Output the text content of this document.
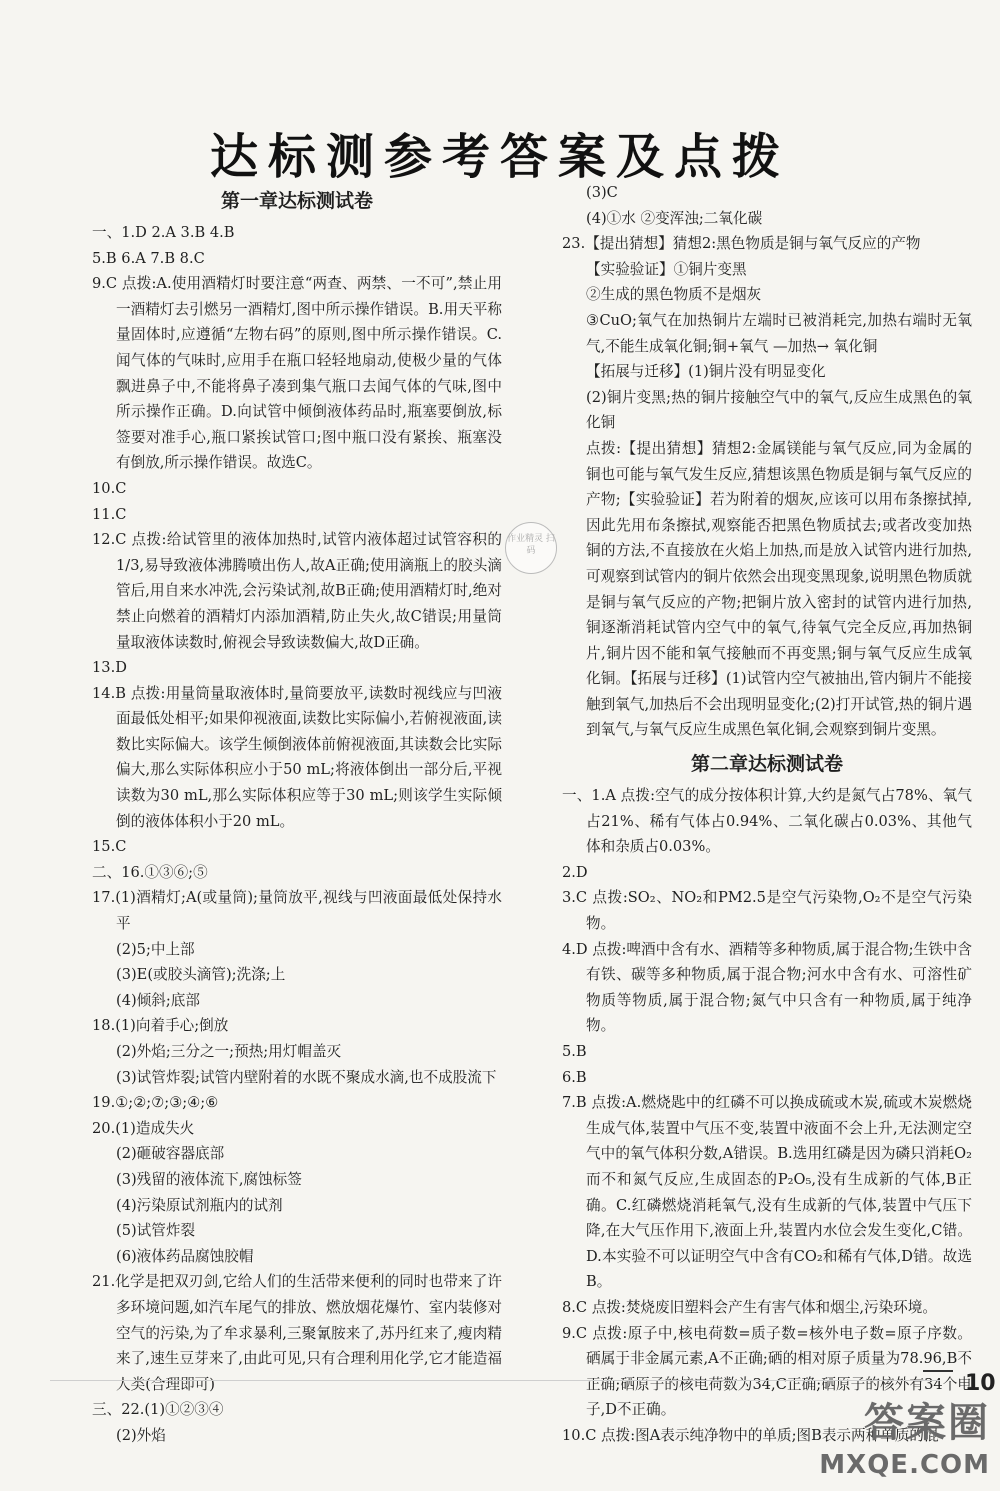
达标测参考答案及点拨
第一章达标测试卷
一、1.D 2.A 3.B 4.B
5.B 6.A 7.B 8.C
9.C 点拨:A.使用酒精灯时要注意“两查、两禁、一不可”,禁止用一酒精灯去引燃另一酒精灯,图中所示操作错误。B.用天平称量固体时,应遵循“左物右码”的原则,图中所示操作错误。C.闻气体的气味时,应用手在瓶口轻轻地扇动,使极少量的气体飘进鼻子中,不能将鼻子凑到集气瓶口去闻气体的气味,图中所示操作正确。D.向试管中倾倒液体药品时,瓶塞要倒放,标签要对准手心,瓶口紧挨试管口;图中瓶口没有紧挨、瓶塞没有倒放,所示操作错误。故选C。
10.C
11.C
12.C 点拨:给试管里的液体加热时,试管内液体超过试管容积的1/3,易导致液体沸腾喷出伤人,故A正确;使用滴瓶上的胶头滴管后,用自来水冲洗,会污染试剂,故B正确;使用酒精灯时,绝对禁止向燃着的酒精灯内添加酒精,防止失火,故C错误;用量筒量取液体读数时,俯视会导致读数偏大,故D正确。
13.D
14.B 点拨:用量筒量取液体时,量筒要放平,读数时视线应与凹液面最低处相平;如果仰视液面,读数比实际偏小,若俯视液面,读数比实际偏大。该学生倾倒液体前俯视液面,其读数会比实际偏大,那么实际体积应小于50 mL;将液体倒出一部分后,平视读数为30 mL,那么实际体积应等于30 mL;则该学生实际倾倒的液体体积小于20 mL。
15.C
二、16.①③⑥;⑤
17.(1)酒精灯;A(或量筒);量筒放平,视线与凹液面最低处保持水平
(2)5;中上部
(3)E(或胶头滴管);洗涤;上
(4)倾斜;底部
18.(1)向着手心;倒放
(2)外焰;三分之一;预热;用灯帽盖灭
(3)试管炸裂;试管内壁附着的水既不聚成水滴,也不成股流下
19.①;②;⑦;③;④;⑥
20.(1)造成失火
(2)砸破容器底部
(3)残留的液体流下,腐蚀标签
(4)污染原试剂瓶内的试剂
(5)试管炸裂
(6)液体药品腐蚀胶帽
21.化学是把双刃剑,它给人们的生活带来便利的同时也带来了许多环境问题,如汽车尾气的排放、燃放烟花爆竹、室内装修对空气的污染,为了牟求暴利,三聚氰胺来了,苏丹红来了,瘦肉精来了,速生豆芽来了,由此可见,只有合理利用化学,它才能造福人类(合理即可)
三、22.(1)①②③④
(2)外焰
(3)C
(4)①水 ②变浑浊;二氧化碳
23.【提出猜想】猜想2:黑色物质是铜与氧气反应的产物
【实验验证】①铜片变黑
②生成的黑色物质不是烟灰
③CuO;氧气在加热铜片左端时已被消耗完,加热右端时无氧气,不能生成氧化铜;铜+氧气 —加热→ 氧化铜
【拓展与迁移】(1)铜片没有明显变化
(2)铜片变黑;热的铜片接触空气中的氧气,反应生成黑色的氧化铜
点拨:【提出猜想】猜想2:金属镁能与氧气反应,同为金属的铜也可能与氧气发生反应,猜想该黑色物质是铜与氧气反应的产物;【实验验证】若为附着的烟灰,应该可以用布条擦拭掉,因此先用布条擦拭,观察能否把黑色物质拭去;或者改变加热铜的方法,不直接放在火焰上加热,而是放入试管内进行加热,可观察到试管内的铜片依然会出现变黑现象,说明黑色物质就是铜与氧气反应的产物;把铜片放入密封的试管内进行加热,铜逐渐消耗试管内空气中的氧气,待氧气完全反应,再加热铜片,铜片因不能和氧气接触而不再变黑;铜与氧气反应生成氧化铜。【拓展与迁移】(1)试管内空气被抽出,管内铜片不能接触到氧气,加热后不会出现明显变化;(2)打开试管,热的铜片遇到氧气,与氧气反应生成黑色氧化铜,会观察到铜片变黑。
第二章达标测试卷
一、1.A 点拨:空气的成分按体积计算,大约是氮气占78%、氧气占21%、稀有气体占0.94%、二氧化碳占0.03%、其他气体和杂质占0.03%。
2.D
3.C 点拨:SO₂、NO₂和PM2.5是空气污染物,O₂不是空气污染物。
4.D 点拨:啤酒中含有水、酒精等多种物质,属于混合物;生铁中含有铁、碳等多种物质,属于混合物;河水中含有水、可溶性矿物质等物质,属于混合物;氮气中只含有一种物质,属于纯净物。
5.B
6.B
7.B 点拨:A.燃烧匙中的红磷不可以换成硫或木炭,硫或木炭燃烧生成气体,装置中气压不变,装置中液面不会上升,无法测定空气中的氧气体积分数,A错误。B.选用红磷是因为磷只消耗O₂而不和氮气反应,生成固态的P₂O₅,没有生成新的气体,B正确。C.红磷燃烧消耗氧气,没有生成新的气体,装置中气压下降,在大气压作用下,液面上升,装置内水位会发生变化,C错。D.本实验不可以证明空气中含有CO₂和稀有气体,D错。故选B。
8.C 点拨:焚烧废旧塑料会产生有害气体和烟尘,污染环境。
9.C 点拨:原子中,核电荷数=质子数=核外电子数=原子序数。硒属于非金属元素,A不正确;硒的相对原子质量为78.96,B不正确;硒原子的核电荷数为34,C正确;硒原子的核外有34个电子,D不正确。
10.C 点拨:图A表示纯净物中的单质;图B表示两种单质的混
作业精灵 扫码
10
答案圈
MXQE.COM
